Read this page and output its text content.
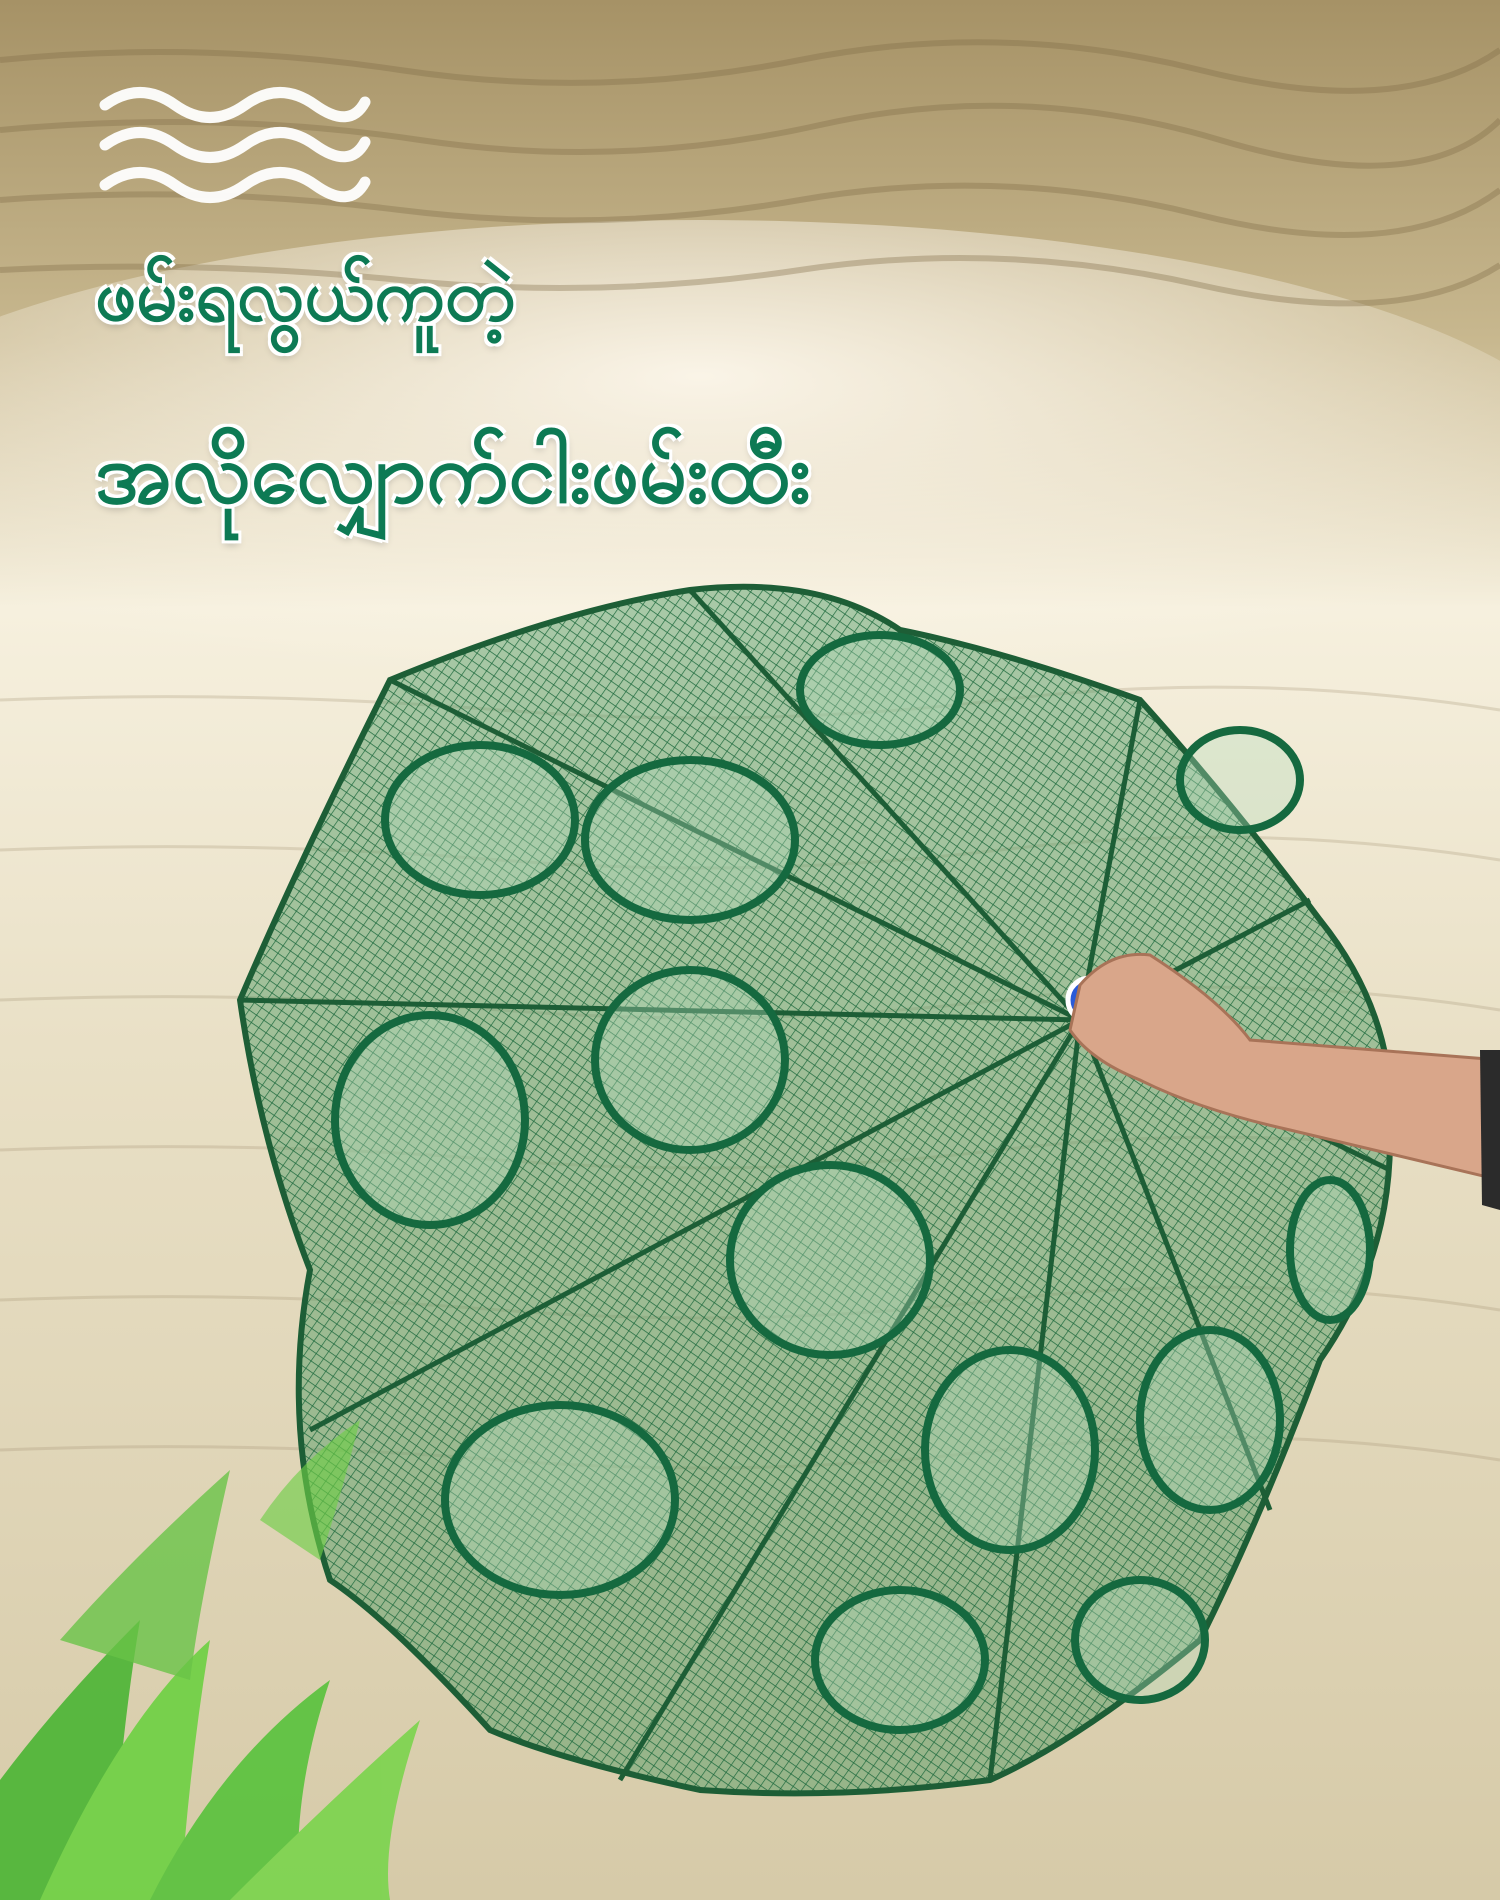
ဖမ်းရလွယ်ကူတဲ့
အလိုလျှောက်ငါးဖမ်းထီး
